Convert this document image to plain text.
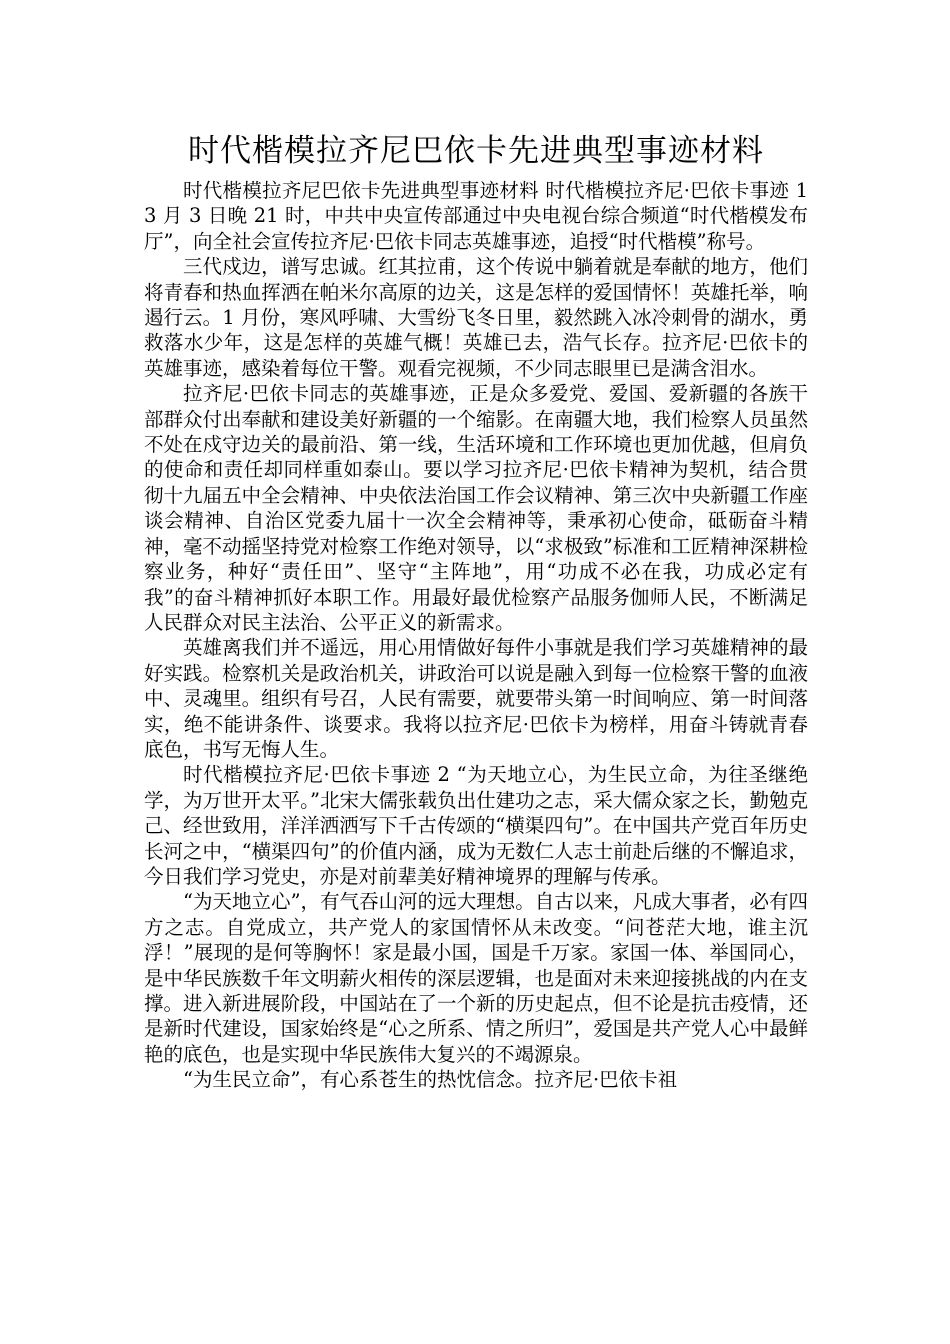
时代楷模拉齐尼巴依卡先进典型事迹材料

时代楷模拉齐尼巴依卡先进典型事迹材料 时代楷模拉齐尼·巴依卡事迹 1 3 月 3 日晚 21 时，中共中央宣传部通过中央电视台综合频道“时代楷模发布厅”，向全社会宣传拉齐尼·巴依卡同志英雄事迹，追授“时代楷模”称号。

三代戍边，谱写忠诚。红其拉甫，这个传说中躺着就是奉献的地方，他们将青春和热血挥洒在帕米尔高原的边关，这是怎样的爱国情怀！英雄托举，响遏行云。1 月份，寒风呼啸、大雪纷飞冬日里，毅然跳入冰冷刺骨的湖水，勇救落水少年，这是怎样的英雄气概！英雄已去，浩气长存。拉齐尼·巴依卡的英雄事迹，感染着每位干警。观看完视频，不少同志眼里已是满含泪水。

拉齐尼·巴依卡同志的英雄事迹，正是众多爱党、爱国、爱新疆的各族干部群众付出奉献和建设美好新疆的一个缩影。在南疆大地，我们检察人员虽然不处在戍守边关的最前沿、第一线，生活环境和工作环境也更加优越，但肩负的使命和责任却同样重如泰山。要以学习拉齐尼·巴依卡精神为契机，结合贯彻十九届五中全会精神、中央依法治国工作会议精神、第三次中央新疆工作座谈会精神、自治区党委九届十一次全会精神等，秉承初心使命，砥砺奋斗精神，毫不动摇坚持党对检察工作绝对领导，以“求极致”标准和工匠精神深耕检察业务，种好“责任田”、坚守“主阵地”，用“功成不必在我，功成必定有我”的奋斗精神抓好本职工作。用最好最优检察产品服务伽师人民，不断满足人民群众对民主法治、公平正义的新需求。

英雄离我们并不遥远，用心用情做好每件小事就是我们学习英雄精神的最好实践。检察机关是政治机关，讲政治可以说是融入到每一位检察干警的血液中、灵魂里。组织有号召，人民有需要，就要带头第一时间响应、第一时间落实，绝不能讲条件、谈要求。我将以拉齐尼·巴依卡为榜样，用奋斗铸就青春底色，书写无悔人生。

时代楷模拉齐尼·巴依卡事迹 2 “为天地立心，为生民立命，为往圣继绝学，为万世开太平。”北宋大儒张载负出仕建功之志，采大儒众家之长，勤勉克己、经世致用，洋洋洒洒写下千古传颂的“横渠四句”。在中国共产党百年历史长河之中，“横渠四句”的价值内涵，成为无数仁人志士前赴后继的不懈追求，今日我们学习党史，亦是对前辈美好精神境界的理解与传承。

“为天地立心”，有气吞山河的远大理想。自古以来，凡成大事者，必有四方之志。自党成立，共产党人的家国情怀从未改变。“问苍茫大地，谁主沉浮！”展现的是何等胸怀！家是最小国，国是千万家。家国一体、举国同心，是中华民族数千年文明薪火相传的深层逻辑，也是面对未来迎接挑战的内在支撑。进入新进展阶段，中国站在了一个新的历史起点，但不论是抗击疫情，还是新时代建设，国家始终是“心之所系、情之所归”，爱国是共产党人心中最鲜艳的底色，也是实现中华民族伟大复兴的不竭源泉。

“为生民立命”，有心系苍生的热忱信念。拉齐尼·巴依卡祖
